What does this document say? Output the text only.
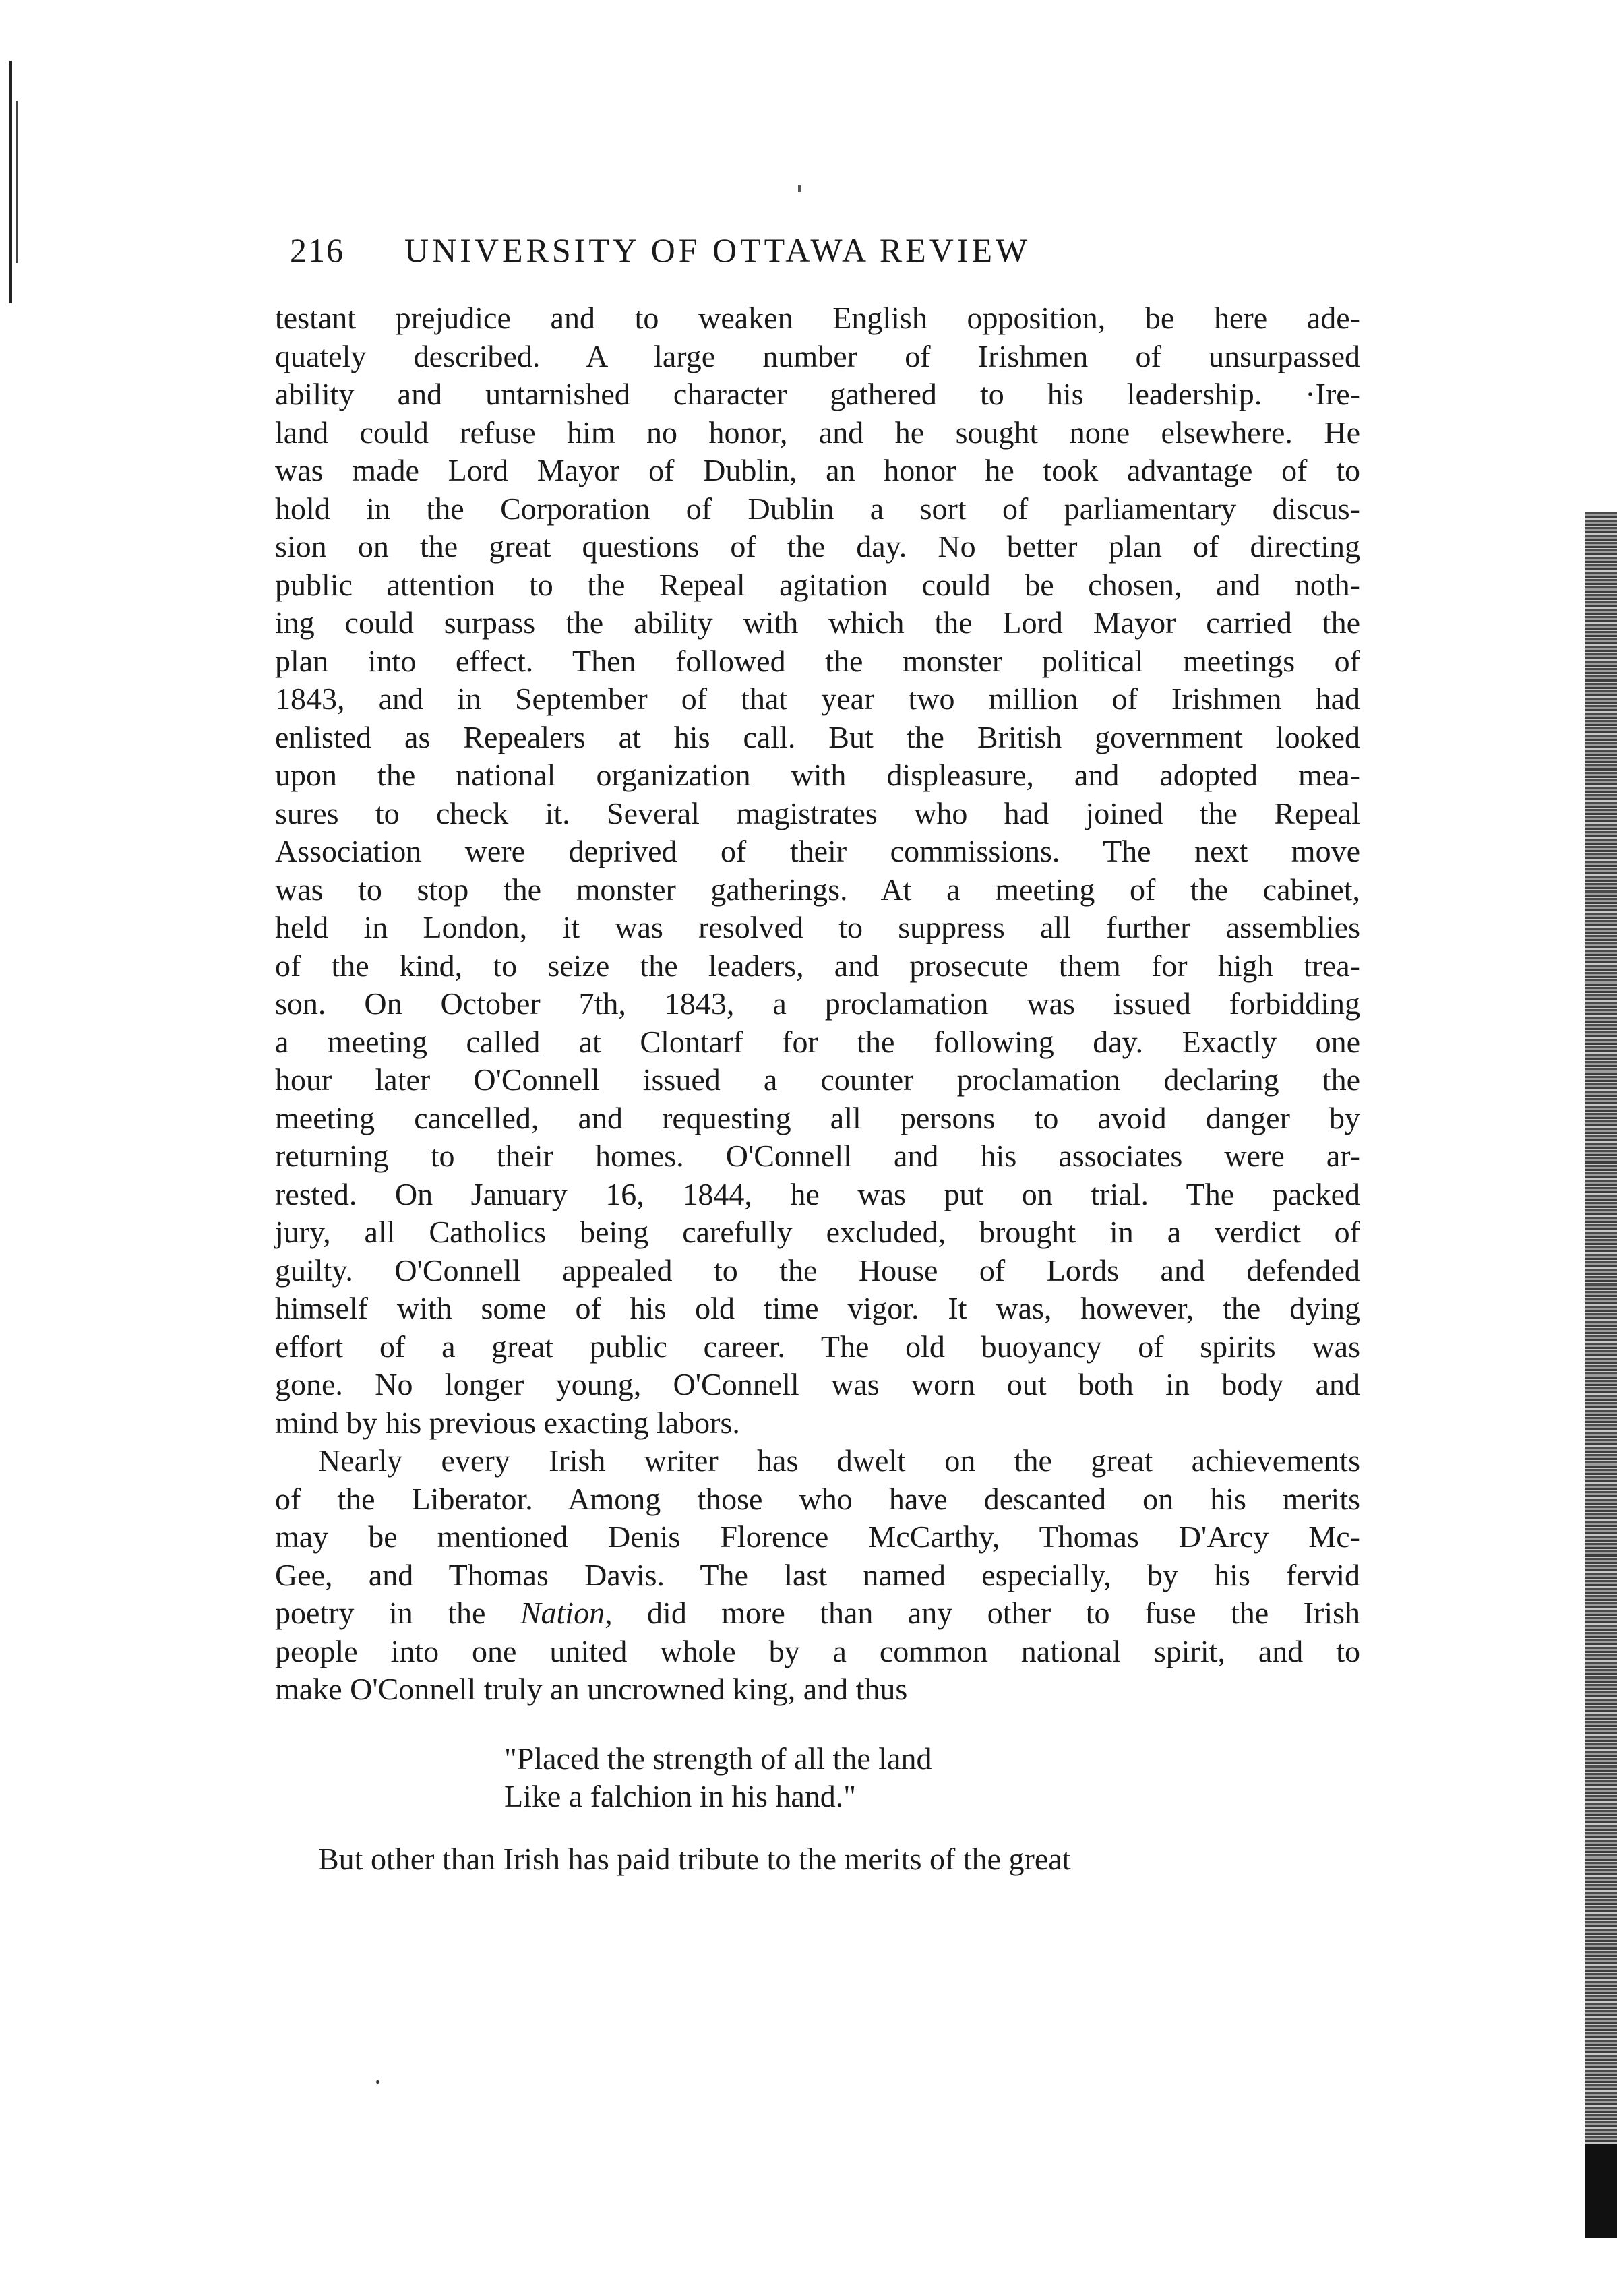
216 UNIVERSITY OF OTTAWA REVIEW
testant prejudice and to weaken English opposition, be here ade-
quately described. A large number of Irishmen of unsurpassed
ability and untarnished character gathered to his leadership. ·Ire-
land could refuse him no honor, and he sought none elsewhere. He
was made Lord Mayor of Dublin, an honor he took advantage of to
hold in the Corporation of Dublin a sort of parliamentary discus-
sion on the great questions of the day. No better plan of directing
public attention to the Repeal agitation could be chosen, and noth-
ing could surpass the ability with which the Lord Mayor carried the
plan into effect. Then followed the monster political meetings of
1843, and in September of that year two million of Irishmen had
enlisted as Repealers at his call. But the British government looked
upon the national organization with displeasure, and adopted mea-
sures to check it. Several magistrates who had joined the Repeal
Association were deprived of their commissions. The next move
was to stop the monster gatherings. At a meeting of the cabinet,
held in London, it was resolved to suppress all further assemblies
of the kind, to seize the leaders, and prosecute them for high trea-
son. On October 7th, 1843, a proclamation was issued forbidding
a meeting called at Clontarf for the following day. Exactly one
hour later O'Connell issued a counter proclamation declaring the
meeting cancelled, and requesting all persons to avoid danger by
returning to their homes. O'Connell and his associates were ar-
rested. On January 16, 1844, he was put on trial. The packed
jury, all Catholics being carefully excluded, brought in a verdict of
guilty. O'Connell appealed to the House of Lords and defended
himself with some of his old time vigor. It was, however, the dying
effort of a great public career. The old buoyancy of spirits was
gone. No longer young, O'Connell was worn out both in body and
mind by his previous exacting labors.
Nearly every Irish writer has dwelt on the great achievements
of the Liberator. Among those who have descanted on his merits
may be mentioned Denis Florence McCarthy, Thomas D'Arcy Mc-
Gee, and Thomas Davis. The last named especially, by his fervid
poetry in the Nation, did more than any other to fuse the Irish
people into one united whole by a common national spirit, and to
make O'Connell truly an uncrowned king, and thus
"Placed the strength of all the land
Like a falchion in his hand."
But other than Irish has paid tribute to the merits of the great
